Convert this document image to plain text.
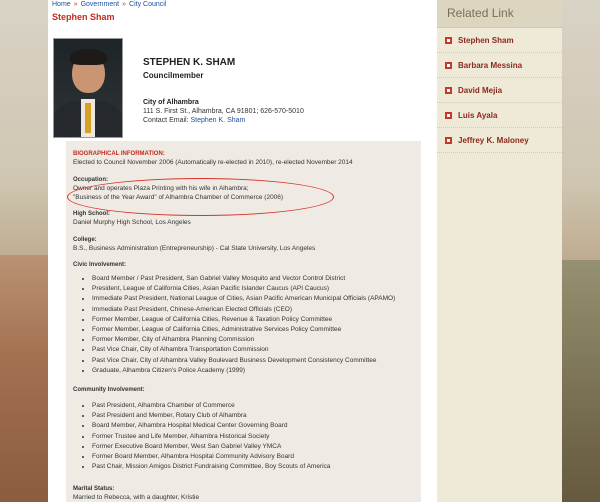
Home » Government » City Council
Stephen Sham
STEPHEN K. SHAM
Councilmember
City of Alhambra
111 S. First St., Alhambra, CA 91801; 626-570-5010
Contact Email: Stephen K. Sham
BIOGRAPHICAL INFORMATION:
Elected to Council November 2006 (Automatically re-elected in 2010), re-elected November 2014
Occupation:
Owner and operates Plaza Printing with his wife in Alhambra;
"Business of the Year Award" of Alhambra Chamber of Commerce (2006)
High School:
Daniel Murphy High School, Los Angeles
College:
B.S., Business Administration (Entrepreneurship) - Cal State University, Los Angeles
Civic Involvement:
• Board Member / Past President, San Gabriel Valley Mosquito and Vector Control District
• President, League of California Cities, Asian Pacific Islander Caucus (API Caucus)
• Immediate Past President, National League of Cities, Asian Pacific American Municipal Officials (APAMO)
• Immediate Past President, Chinese-American Elected Officials (CEO)
• Former Member, League of California Cities, Revenue & Taxation Policy Committee
• Former Member, League of California Cities, Administrative Services Policy Committee
• Former Member, City of Alhambra Planning Commission
• Past Vice Chair, City of Alhambra Transportation Commission
• Past Vice Chair, City of Alhambra Valley Boulevard Business Development Consistency Committee
• Graduate, Alhambra Citizen's Police Academy (1999)
Community Involvement:
• Past President, Alhambra Chamber of Commerce
• Past President and Member, Rotary Club of Alhambra
• Board Member, Alhambra Hospital Medical Center Governing Board
• Former Trustee and Life Member, Alhambra Historical Society
• Former Executive Board Member, West San Gabriel Valley YMCA
• Former Board Member, Alhambra Hospital Community Advisory Board
• Past Chair, Mission Amigos District Fundraising Committee, Boy Scouts of America
Marital Status:
Married to Rebecca, with a daughter, Kristie
Related Link
Stephen Sham
Barbara Messina
David Mejia
Luis Ayala
Jeffrey K. Maloney
